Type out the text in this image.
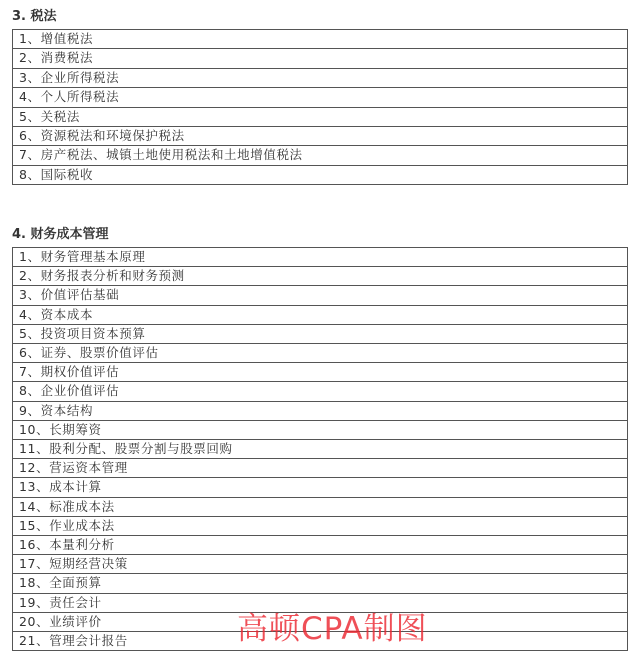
3. 税法
1、增值税法
2、消费税法
3、企业所得税法
4、个人所得税法
5、关税法
6、资源税法和环境保护税法
7、房产税法、城镇土地使用税法和土地增值税法
8、国际税收
4. 财务成本管理
1、财务管理基本原理
2、财务报表分析和财务预测
3、价值评估基础
4、资本成本
5、投资项目资本预算
6、证券、股票价值评估
7、期权价值评估
8、企业价值评估
9、资本结构
10、长期筹资
11、股利分配、股票分割与股票回购
12、营运资本管理
13、成本计算
14、标准成本法
15、作业成本法
16、本量利分析
17、短期经营决策
18、全面预算
19、责任会计
20、业绩评价
21、管理会计报告	高顿CPA制图
